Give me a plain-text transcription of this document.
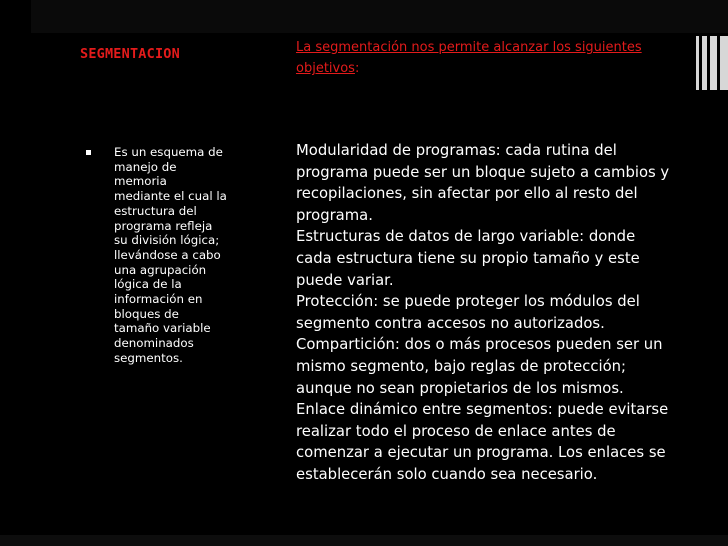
SEGMENTACION	La segmentación nos permite alcanzar los siguientes objetivos:
Es un esquema de
manejo de
memoria
mediante el cual la
estructura del
programa refleja
su división lógica;
llevándose a cabo
una agrupación
lógica de la
información en
bloques de
tamaño variable
denominados
segmentos.

Modularidad de programas: cada rutina del
programa puede ser un bloque sujeto a cambios y
recopilaciones, sin afectar por ello al resto del
programa.

Estructuras de datos de largo variable: donde
cada estructura tiene su propio tamaño y este
puede variar.

Protección: se puede proteger los módulos del
segmento contra accesos no autorizados.

Compartición: dos o más procesos pueden ser un
mismo segmento, bajo reglas de protección;
aunque no sean propietarios de los mismos.

Enlace dinámico entre segmentos: puede evitarse
realizar todo el proceso de enlace antes de
comenzar a ejecutar un programa. Los enlaces se
establecerán solo cuando sea necesario.
